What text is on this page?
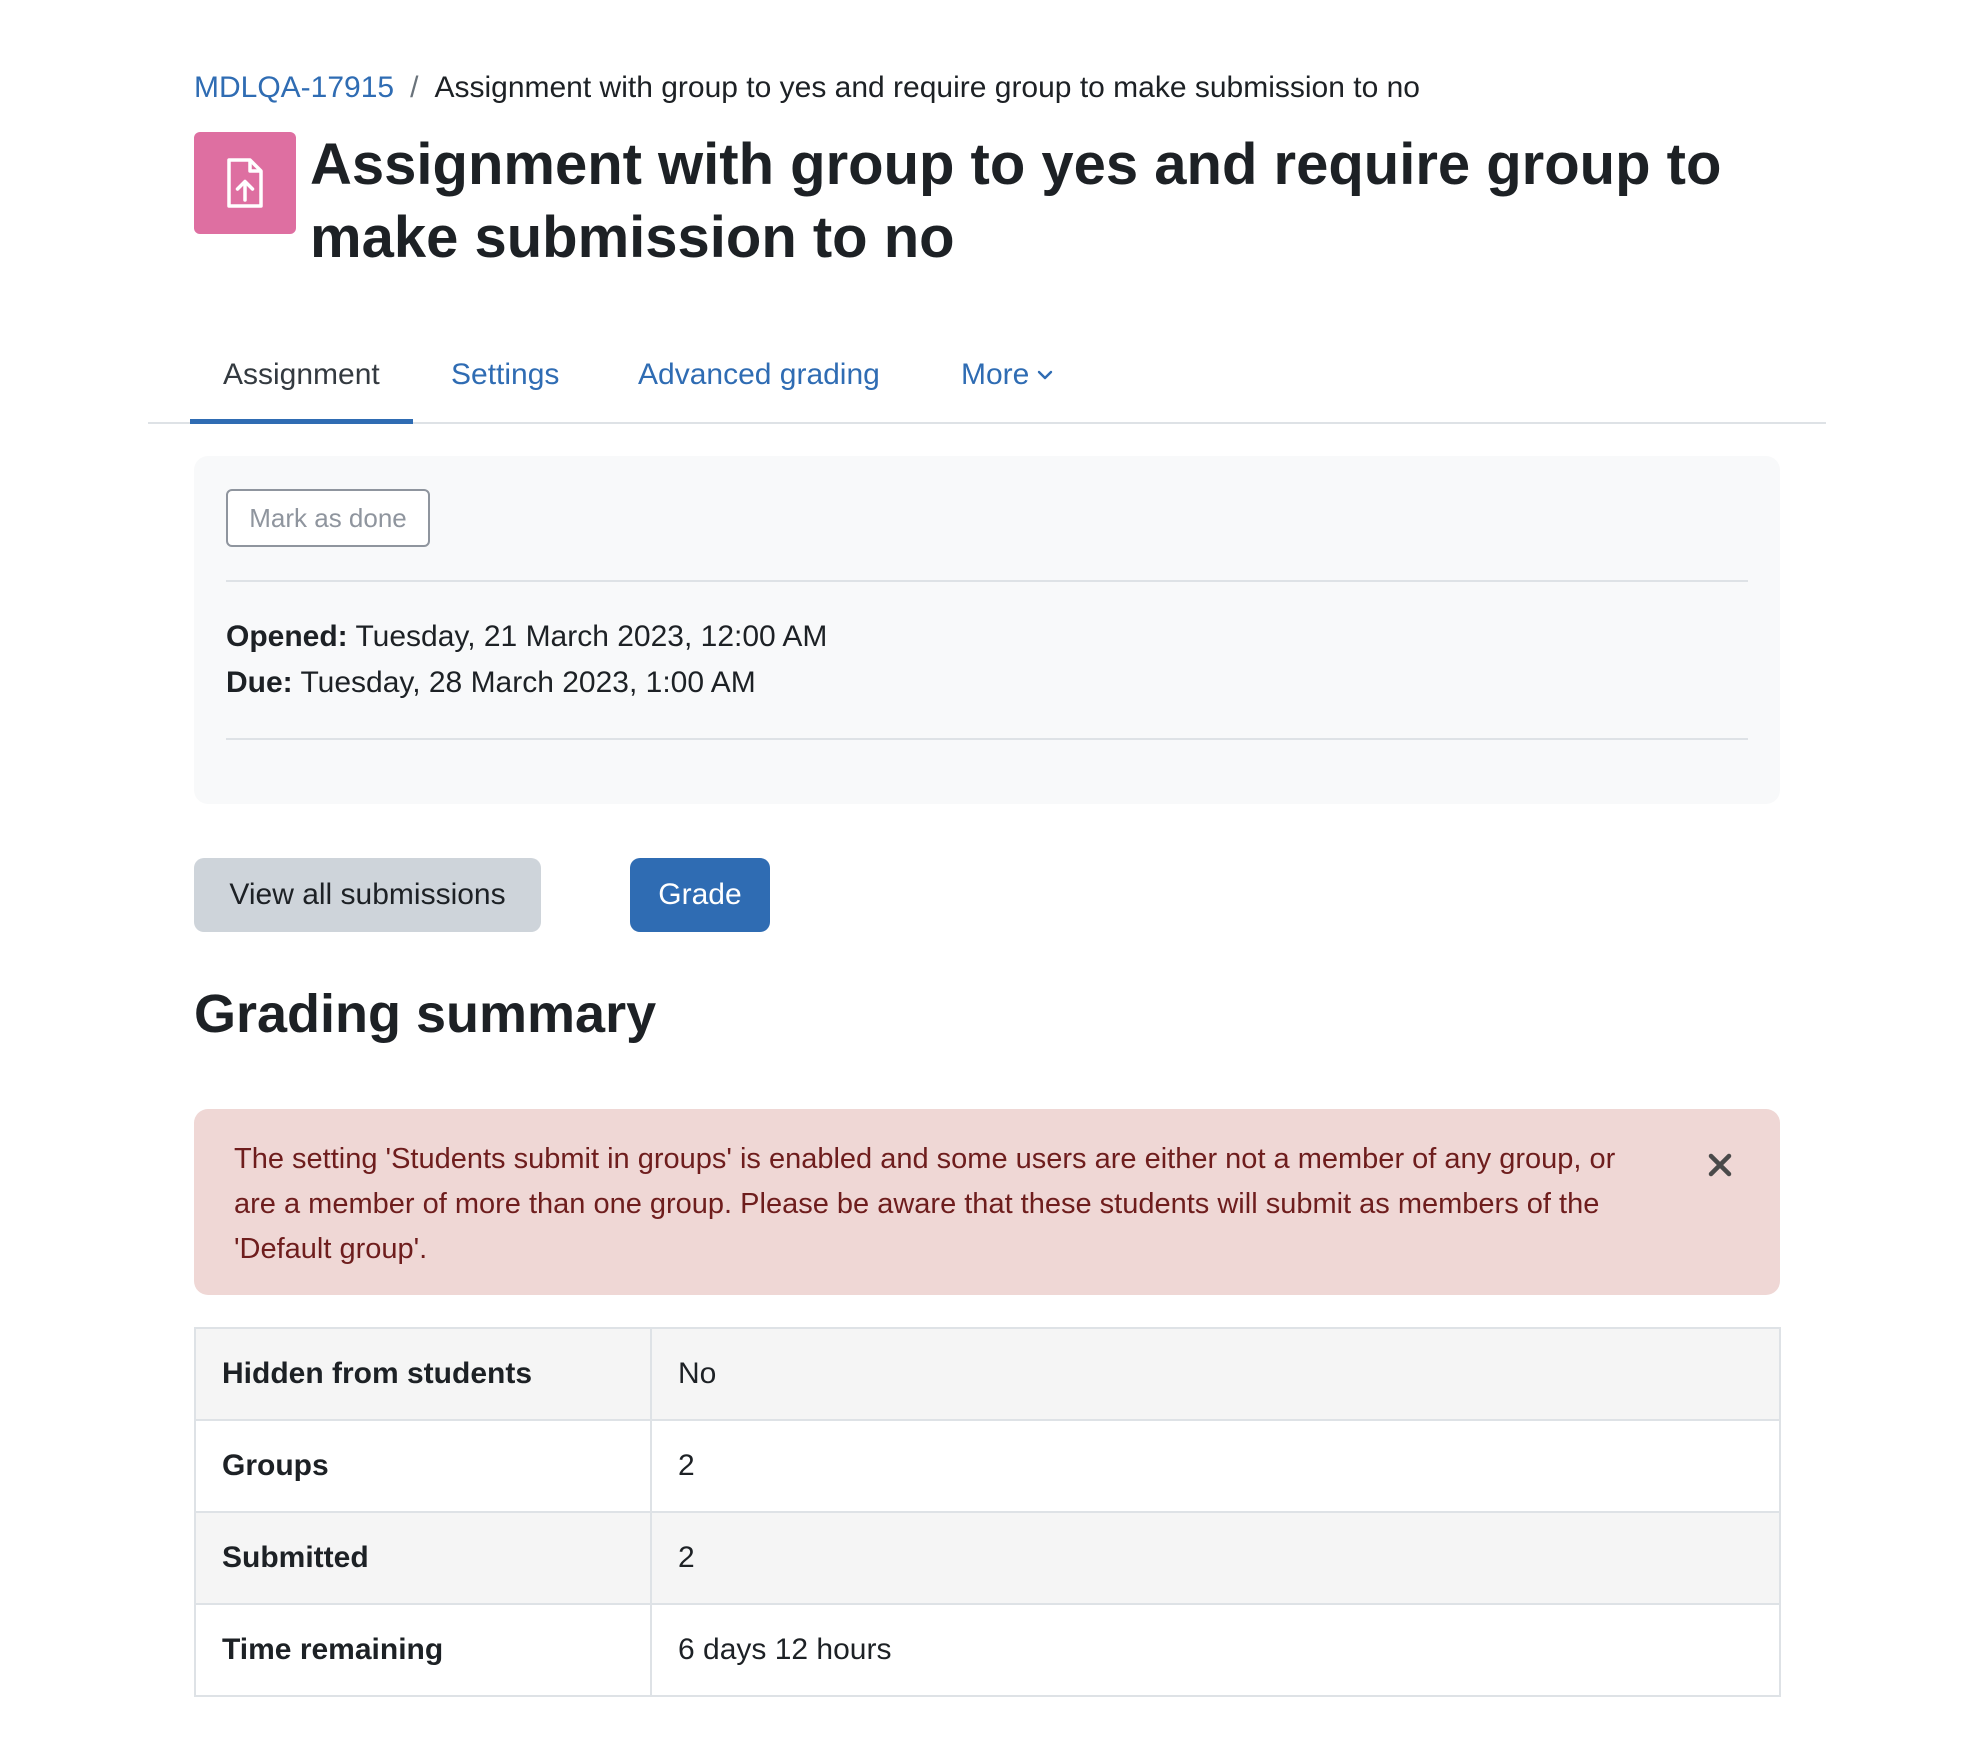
MDLQA-17915 / Assignment with group to yes and require group to make submission to no
Assignment with group to yes and require group to make submission to no
Assignment Settings	Advanced grading	More
Mark as done
Opened: Tuesday, 21 March 2023, 12:00 AM
Due: Tuesday, 28 March 2023, 1:00 AM
View all submissions	Grade
Grading summary
The setting 'Students submit in groups' is enabled and some users are either not a member of any group, or are a member of more than one group. Please be aware that these students will submit as members of the 'Default group'.
Hidden from students	No
Groups	2
Submitted	2
Time remaining	6 days 12 hours
